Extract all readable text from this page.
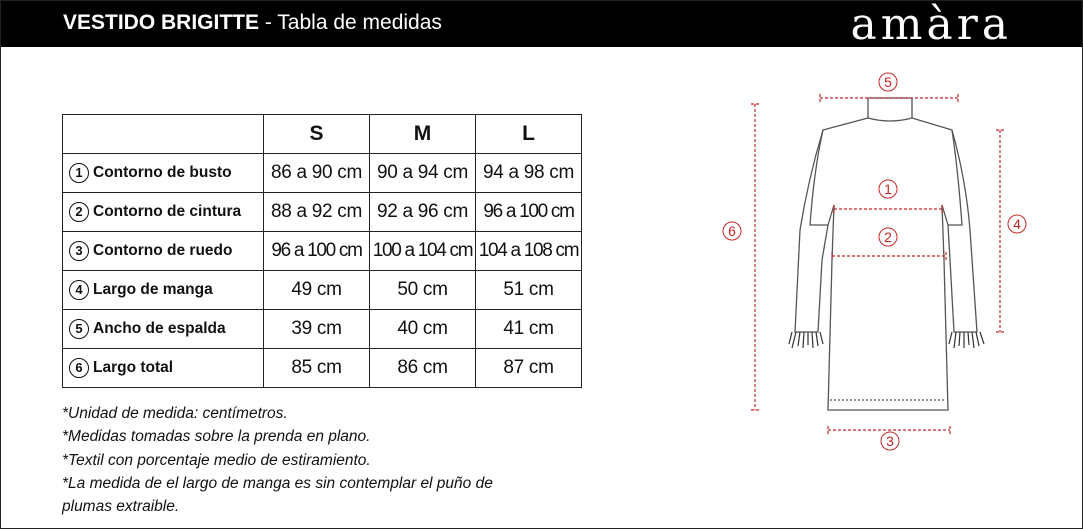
VESTIDO BRIGITTE - Tabla de medidas	amàra
	S	M	L
1 Contorno de busto	86 a 90 cm	90 a 94 cm	94 a 98 cm
2 Contorno de cintura	88 a 92 cm	92 a 96 cm	96 a 100 cm
3 Contorno de ruedo	96 a 100 cm	100 a 104 cm	104 a 108 cm
4 Largo de manga	49 cm	50 cm	51 cm
5 Ancho de espalda	39 cm	40 cm	41 cm
6 Largo total	85 cm	86 cm	87 cm
*Unidad de medida: centímetros.
*Medidas tomadas sobre la prenda en plano.
*Textil con porcentaje medio de estiramiento.
*La medida de el largo de manga es sin contemplar el puño de
plumas extraible.
5
1
2
3
4
6
